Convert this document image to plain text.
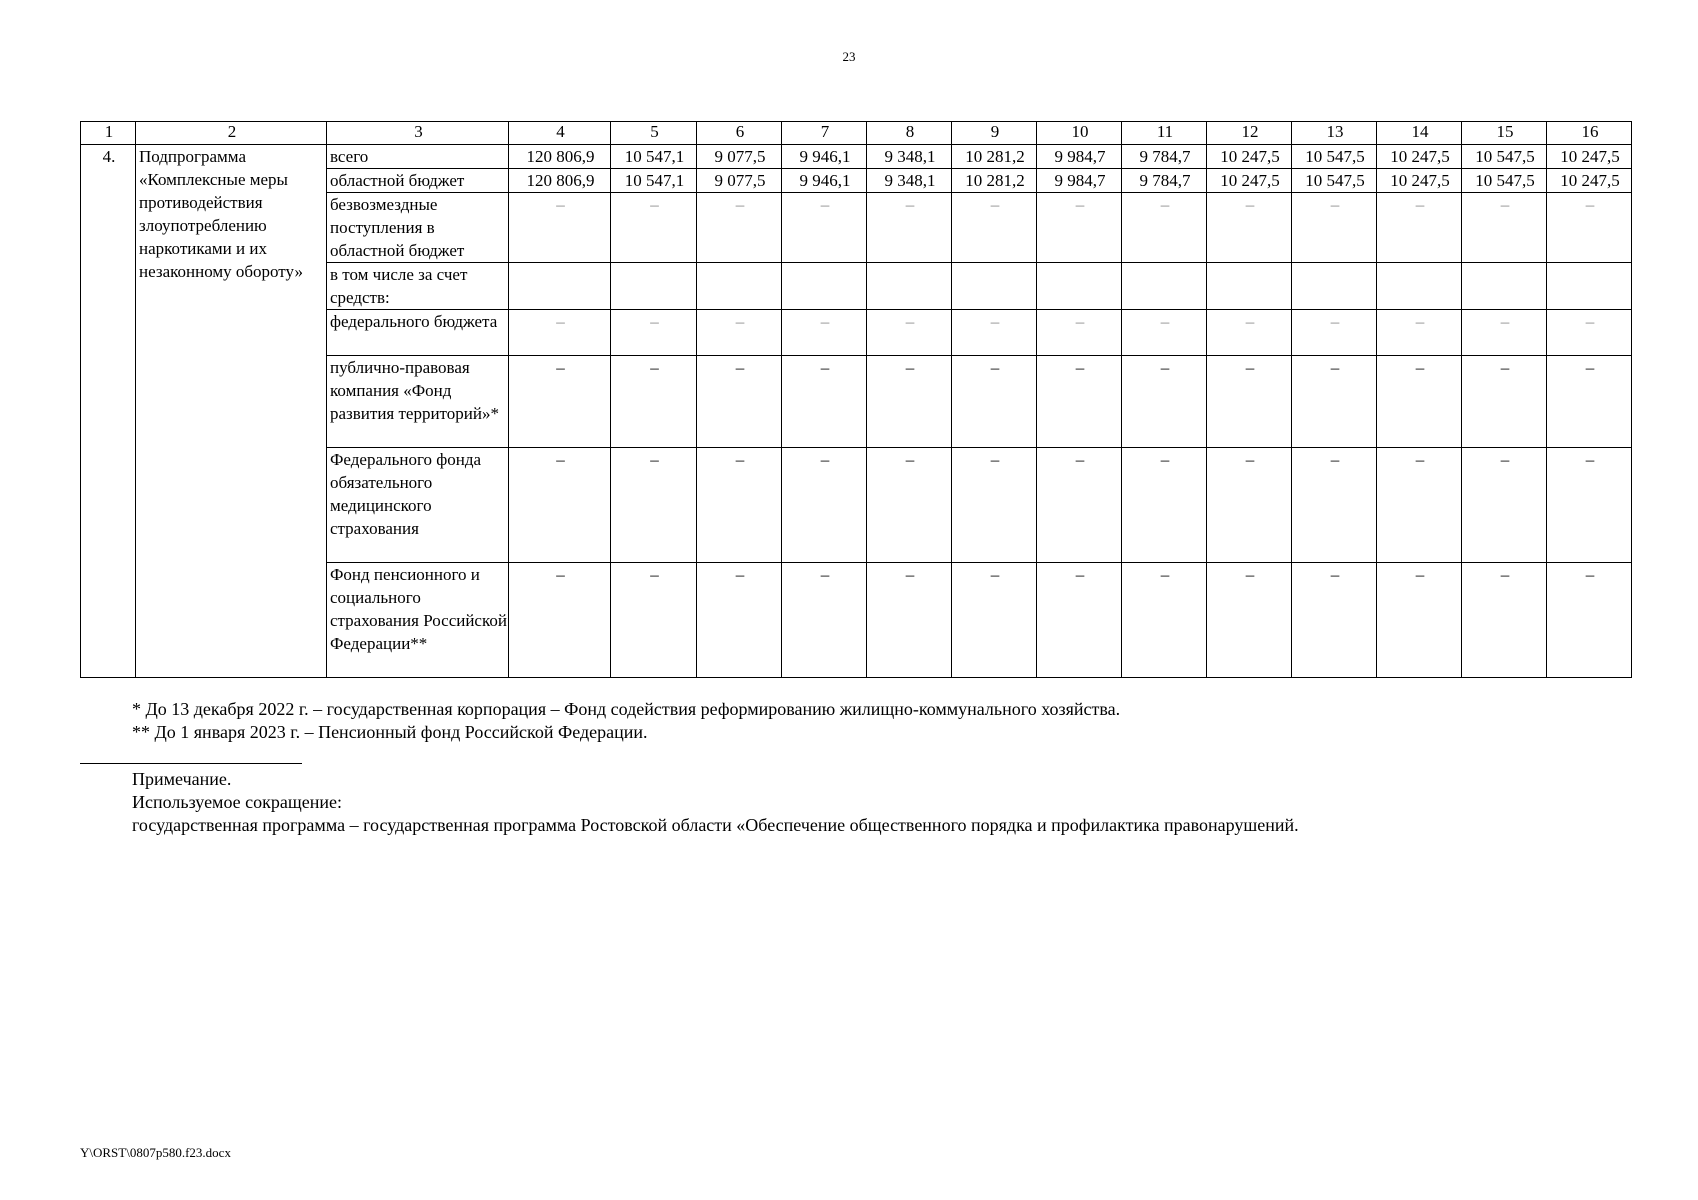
23
1	2	3	4	5	6	7	8	9	10	11	12	13	14	15	16
4.	Подпрограмма «Комплексные меры противодействия злоупотреблению наркотиками и их незаконному обороту»	всего	120 806,9	10 547,1	9 077,5	9 946,1	9 348,1	10 281,2	9 984,7	9 784,7	10 247,5	10 547,5	10 247,5	10 547,5	10 247,5
		областной бюджет	120 806,9	10 547,1	9 077,5	9 946,1	9 348,1	10 281,2	9 984,7	9 784,7	10 247,5	10 547,5	10 247,5	10 547,5	10 247,5
		безвозмездные поступления в областной бюджет	–	–	–	–	–	–	–	–	–	–	–	–	–
		в том числе за счет средств:													
		федерального бюджета	–	–	–	–	–	–	–	–	–	–	–	–	–
		публично-правовая компания «Фонд развития территорий»*	–	–	–	–	–	–	–	–	–	–	–	–	–
		Федерального фонда обязательного медицинского страхования	–	–	–	–	–	–	–	–	–	–	–	–	–
		Фонд пенсионного и социального страхования Российской Федерации**	–	–	–	–	–	–	–	–	–	–	–	–	–
* До 13 декабря 2022 г. – государственная корпорация – Фонд содействия реформированию жилищно-коммунального хозяйства.
** До 1 января 2023 г. – Пенсионный фонд Российской Федерации.
Примечание.
Используемое сокращение:
государственная программа – государственная программа Ростовской области «Обеспечение общественного порядка и профилактика правонарушений.
Y\ORST\0807p580.f23.docx
